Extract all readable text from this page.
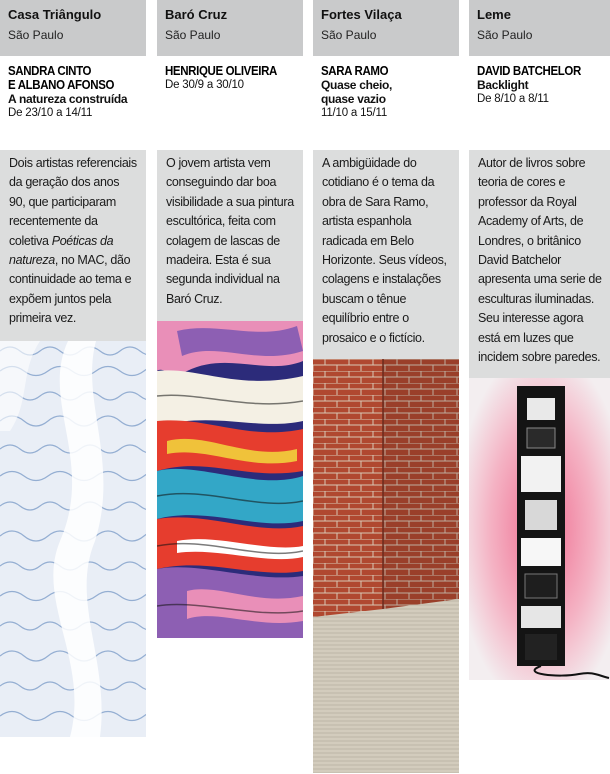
Casa Triângulo
São Paulo
SANDRA CINTO
E ALBANO AFONSO
A natureza construída
De 23/10 a 14/11
Dois artistas referenciais da geração dos anos 90, que participaram recentemente da coletiva Poéticas da natureza, no MAC, dão continuidade ao tema e expõem juntos pela primeira vez.
Baró Cruz
São Paulo
HENRIQUE OLIVEIRA
De 30/9 a 30/10
O jovem artista vem conseguindo dar boa visibilidade a sua pintura escultórica, feita com colagem de lascas de madeira. Esta é sua segunda individual na Baró Cruz.
Fortes Vilaça
São Paulo
SARA RAMO
Quase cheio,
quase vazio
11/10 a 15/11
A ambigüidade do cotidiano é o tema da obra de Sara Ramo, artista espanhola radicada em Belo Horizonte. Seus vídeos, colagens e instalações buscam o tênue equilíbrio entre o prosaico e o fictício.
Leme
São Paulo
DAVID BATCHELOR
Backlight
De 8/10 a 8/11
Autor de livros sobre teoria de cores e professor da Royal Academy of Arts, de Londres, o britânico David Batchelor apresenta uma serie de esculturas iluminadas. Seu interesse agora está em luzes que incidem sobre paredes.
